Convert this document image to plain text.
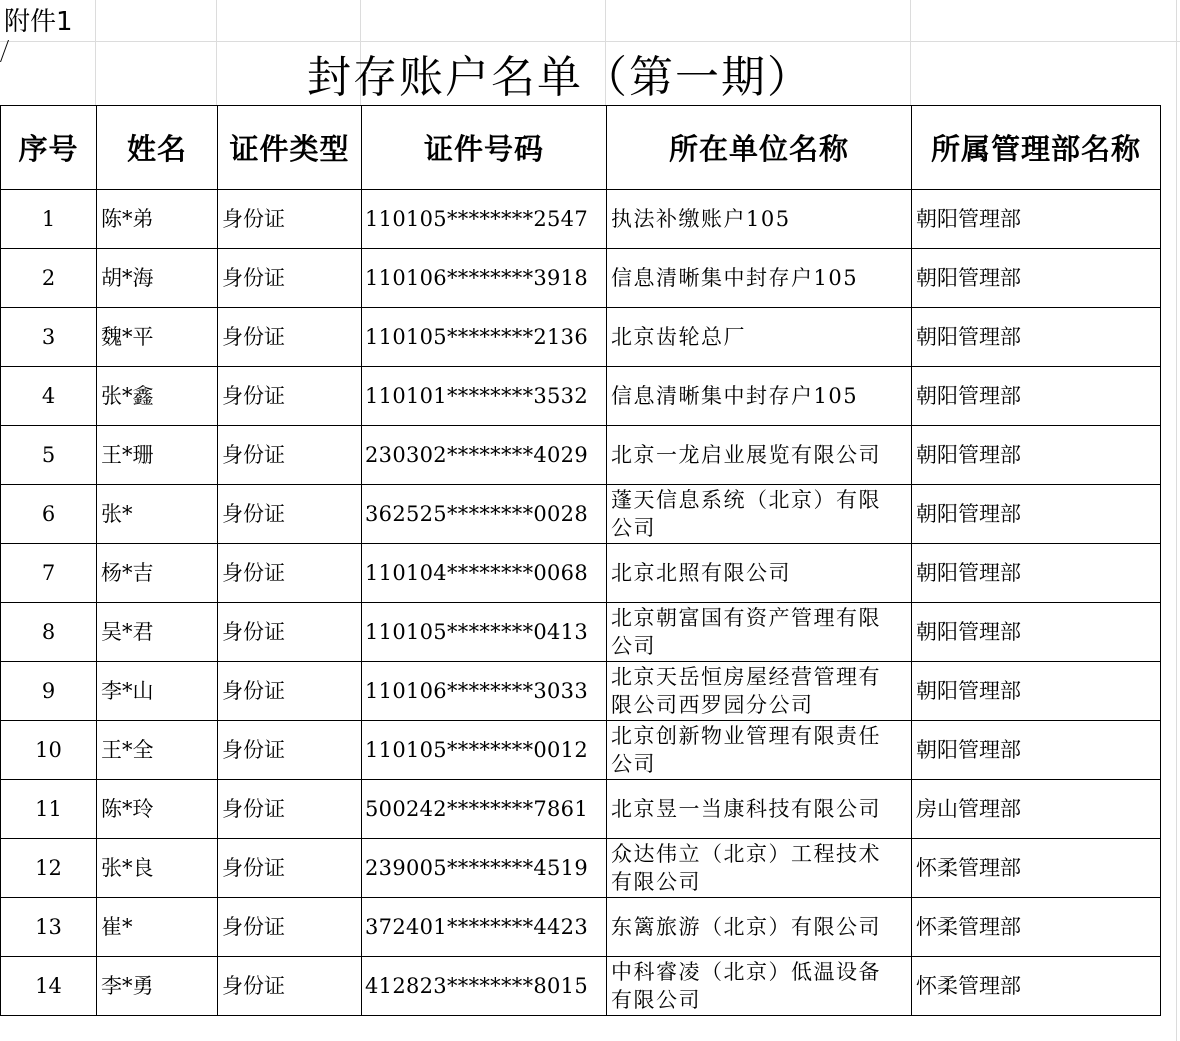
附件1
封存账户名单（第一期）
序号	姓名	证件类型	证件号码	所在单位名称	所属管理部名称
1	陈*弟	身份证	110105********2547	执法补缴账户105	朝阳管理部
2	胡*海	身份证	110106********3918	信息清晰集中封存户105	朝阳管理部
3	魏*平	身份证	110105********2136	北京齿轮总厂	朝阳管理部
4	张*鑫	身份证	110101********3532	信息清晰集中封存户105	朝阳管理部
5	王*珊	身份证	230302********4029	北京一龙启业展览有限公司	朝阳管理部
6	张*	身份证	362525********0028	蓬天信息系统（北京）有限公司	朝阳管理部
7	杨*吉	身份证	110104********0068	北京北照有限公司	朝阳管理部
8	吴*君	身份证	110105********0413	北京朝富国有资产管理有限公司	朝阳管理部
9	李*山	身份证	110106********3033	北京天岳恒房屋经营管理有限公司西罗园分公司	朝阳管理部
10	王*全	身份证	110105********0012	北京创新物业管理有限责任公司	朝阳管理部
11	陈*玲	身份证	500242********7861	北京昱一当康科技有限公司	房山管理部
12	张*良	身份证	239005********4519	众达伟立（北京）工程技术有限公司	怀柔管理部
13	崔*	身份证	372401********4423	东篱旅游（北京）有限公司	怀柔管理部
14	李*勇	身份证	412823********8015	中科睿凌（北京）低温设备有限公司	怀柔管理部
